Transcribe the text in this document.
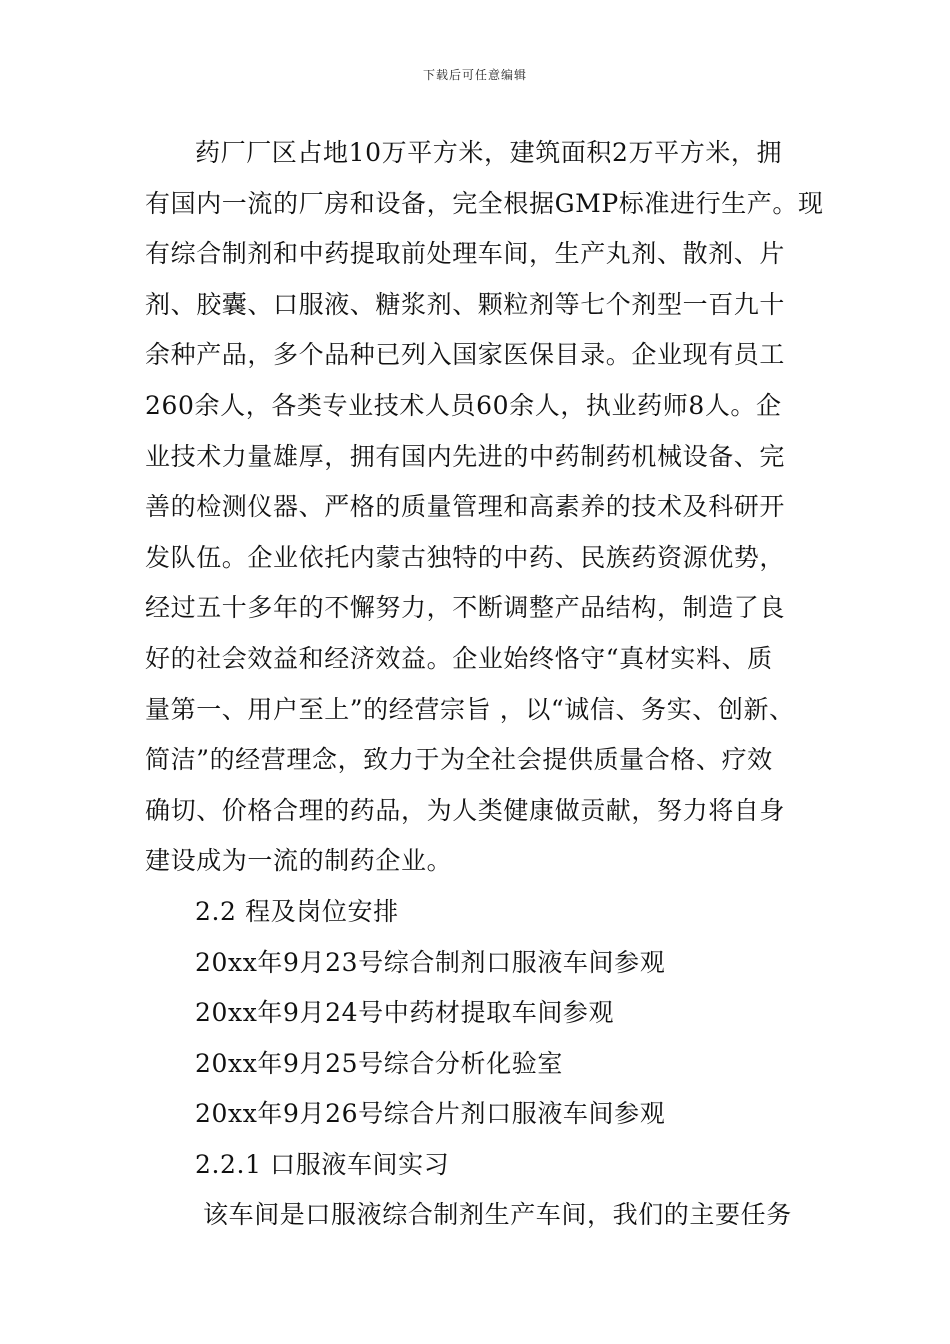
下载后可任意编辑
药厂厂区占地10万平方米，建筑面积2万平方米，拥
有国内一流的厂房和设备，完全根据GMP标准进行生产。现
有综合制剂和中药提取前处理车间，生产丸剂、散剂、片
剂、胶囊、口服液、糖浆剂、颗粒剂等七个剂型一百九十
余种产品，多个品种已列入国家医保目录。企业现有员工
260余人，各类专业技术人员60余人，执业药师8人。企
业技术力量雄厚，拥有国内先进的中药制药机械设备、完
善的检测仪器、严格的质量管理和高素养的技术及科研开
发队伍。企业依托内蒙古独特的中药、民族药资源优势，
经过五十多年的不懈努力，不断调整产品结构，制造了良
好的社会效益和经济效益。企业始终恪守“真材实料、质
量第一、用户至上”的经营宗旨 ，以“诚信、务实、创新、
简洁”的经营理念，致力于为全社会提供质量合格、疗效
确切、价格合理的药品，为人类健康做贡献，努力将自身
建设成为一流的制药企业。
2.2 程及岗位安排
20xx年9月23号综合制剂口服液车间参观
20xx年9月24号中药材提取车间参观
20xx年9月25号综合分析化验室
20xx年9月26号综合片剂口服液车间参观
2.2.1 口服液车间实习
该车间是口服液综合制剂生产车间，我们的主要任务
